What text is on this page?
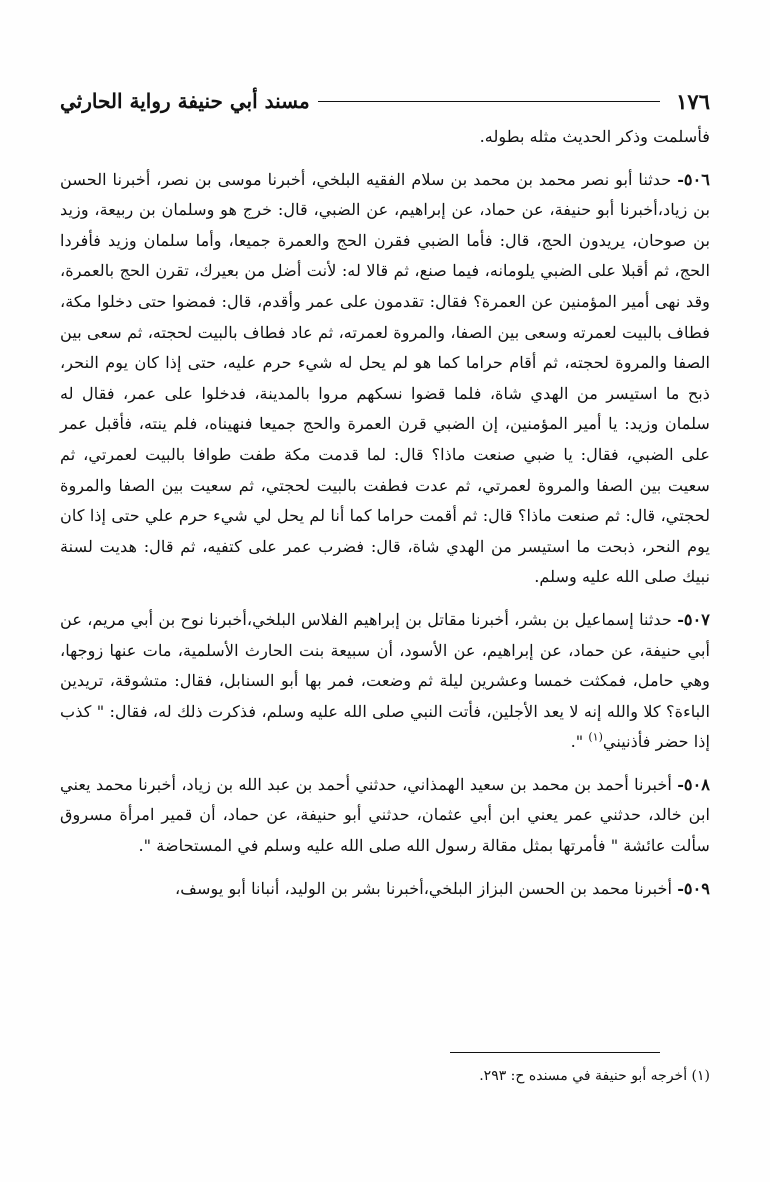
١٧٦
مسند أبي حنيفة رواية الحارثي

فأسلمت وذكر الحديث مثله بطوله.

٥٠٦- حدثنا أبو نصر محمد بن محمد بن سلام الفقيه البلخي، أخبرنا موسى بن نصر، أخبرنا الحسن بن زياد،أخبرنا أبو حنيفة، عن حماد، عن إبراهيم، عن الضبي، قال: خرج هو وسلمان بن ربيعة، وزيد بن صوحان، يريدون الحج، قال: فأما الضبي فقرن الحج والعمرة جميعا، وأما سلمان وزيد فأفردا الحج، ثم أقبلا على الضبي يلومانه، فيما صنع، ثم قالا له: لأنت أضل من بعيرك، تقرن الحج بالعمرة، وقد نهى أمير المؤمنين عن العمرة؟ فقال: تقدمون على عمر وأقدم، قال: فمضوا حتى دخلوا مكة، فطاف بالبيت لعمرته وسعى بين الصفا، والمروة لعمرته، ثم عاد فطاف بالبيت لحجته، ثم سعى بين الصفا والمروة لحجته، ثم أقام حراما كما هو لم يحل له شيء حرم عليه، حتى إذا كان يوم النحر، ذبح ما استيسر من الهدي شاة، فلما قضوا نسكهم مروا بالمدينة، فدخلوا على عمر، فقال له سلمان وزيد: يا أمير المؤمنين، إن الضبي قرن العمرة والحج جميعا فنهيناه، فلم ينته، فأقبل عمر على الضبي، فقال: يا ضبي صنعت ماذا؟ قال: لما قدمت مكة طفت طوافا بالبيت لعمرتي، ثم سعيت بين الصفا والمروة لعمرتي، ثم عدت فطفت بالبيت لحجتي، ثم سعيت بين الصفا والمروة لحجتي، قال: ثم صنعت ماذا؟ قال: ثم أقمت حراما كما أنا لم يحل لي شيء حرم علي حتى إذا كان يوم النحر، ذبحت ما استيسر من الهدي شاة، قال: فضرب عمر على كتفيه، ثم قال: هديت لسنة نبيك صلى الله عليه وسلم.

٥٠٧- حدثنا إسماعيل بن بشر، أخبرنا مقاتل بن إبراهيم الفلاس البلخي،أخبرنا نوح بن أبي مريم، عن أبي حنيفة، عن حماد، عن إبراهيم، عن الأسود، أن سبيعة بنت الحارث الأسلمية، مات عنها زوجها، وهي حامل، فمكثت خمسا وعشرين ليلة ثم وضعت، فمر بها أبو السنابل، فقال: متشوقة، تريدين الباءة؟ كلا والله إنه لا يعد الأجلين، فأتت النبي صلى الله عليه وسلم، فذكرت ذلك له، فقال: " كذب إذا حضر فأذنيني$^{(١)}$ ".

٥٠٨- أخبرنا أحمد بن محمد بن سعيد الهمذاني، حدثني أحمد بن عبد الله بن زياد، أخبرنا محمد يعني ابن خالد، حدثني عمر يعني ابن أبي عثمان، حدثني أبو حنيفة، عن حماد، أن قمير امرأة مسروق سألت عائشة " فأمرتها بمثل مقالة رسول الله صلى الله عليه وسلم في المستحاضة ".

٥٠٩- أخبرنا محمد بن الحسن البزاز البلخي،أخبرنا بشر بن الوليد، أنبانا أبو يوسف،

(١) أخرجه أبو حنيفة في مسنده ح: ٢٩٣.
